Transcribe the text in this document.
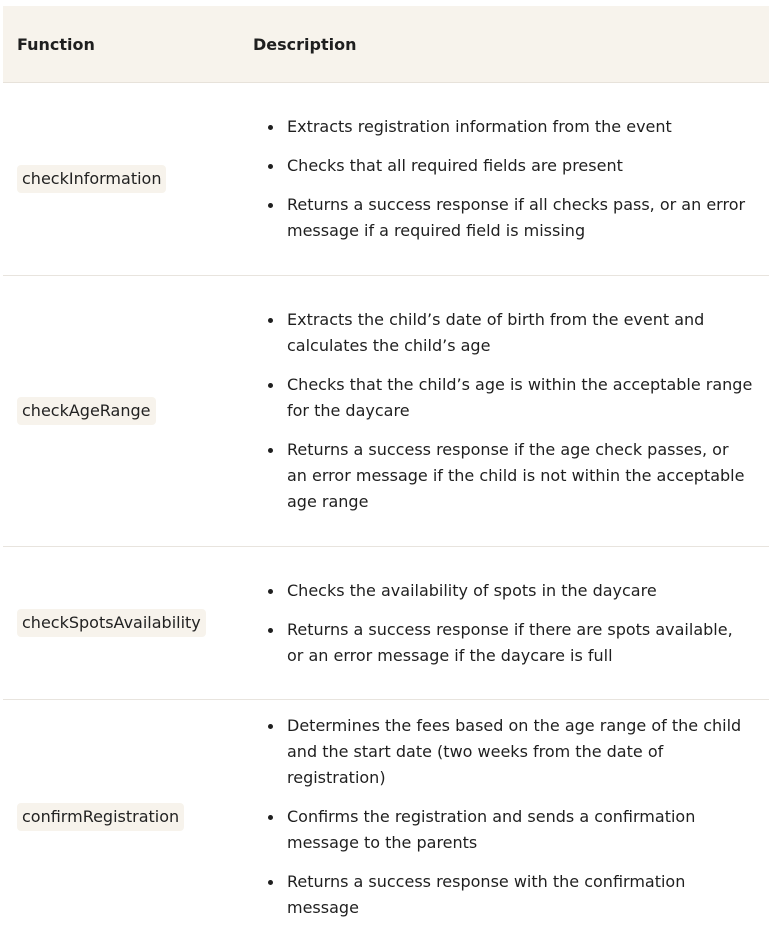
Function	Description
checkInformation
Extracts registration information from the event
Checks that all required fields are present
Returns a success response if all checks pass, or an error message if a required field is missing
checkAgeRange
Extracts the child’s date of birth from the event and calculates the child’s age
Checks that the child’s age is within the acceptable range for the daycare
Returns a success response if the age check passes, or an error message if the child is not within the acceptable age range
checkSpotsAvailability
Checks the availability of spots in the daycare
Returns a success response if there are spots available, or an error message if the daycare is full
confirmRegistration
Determines the fees based on the age range of the child and the start date (two weeks from the date of registration)
Confirms the registration and sends a confirmation message to the parents
Returns a success response with the confirmation message
